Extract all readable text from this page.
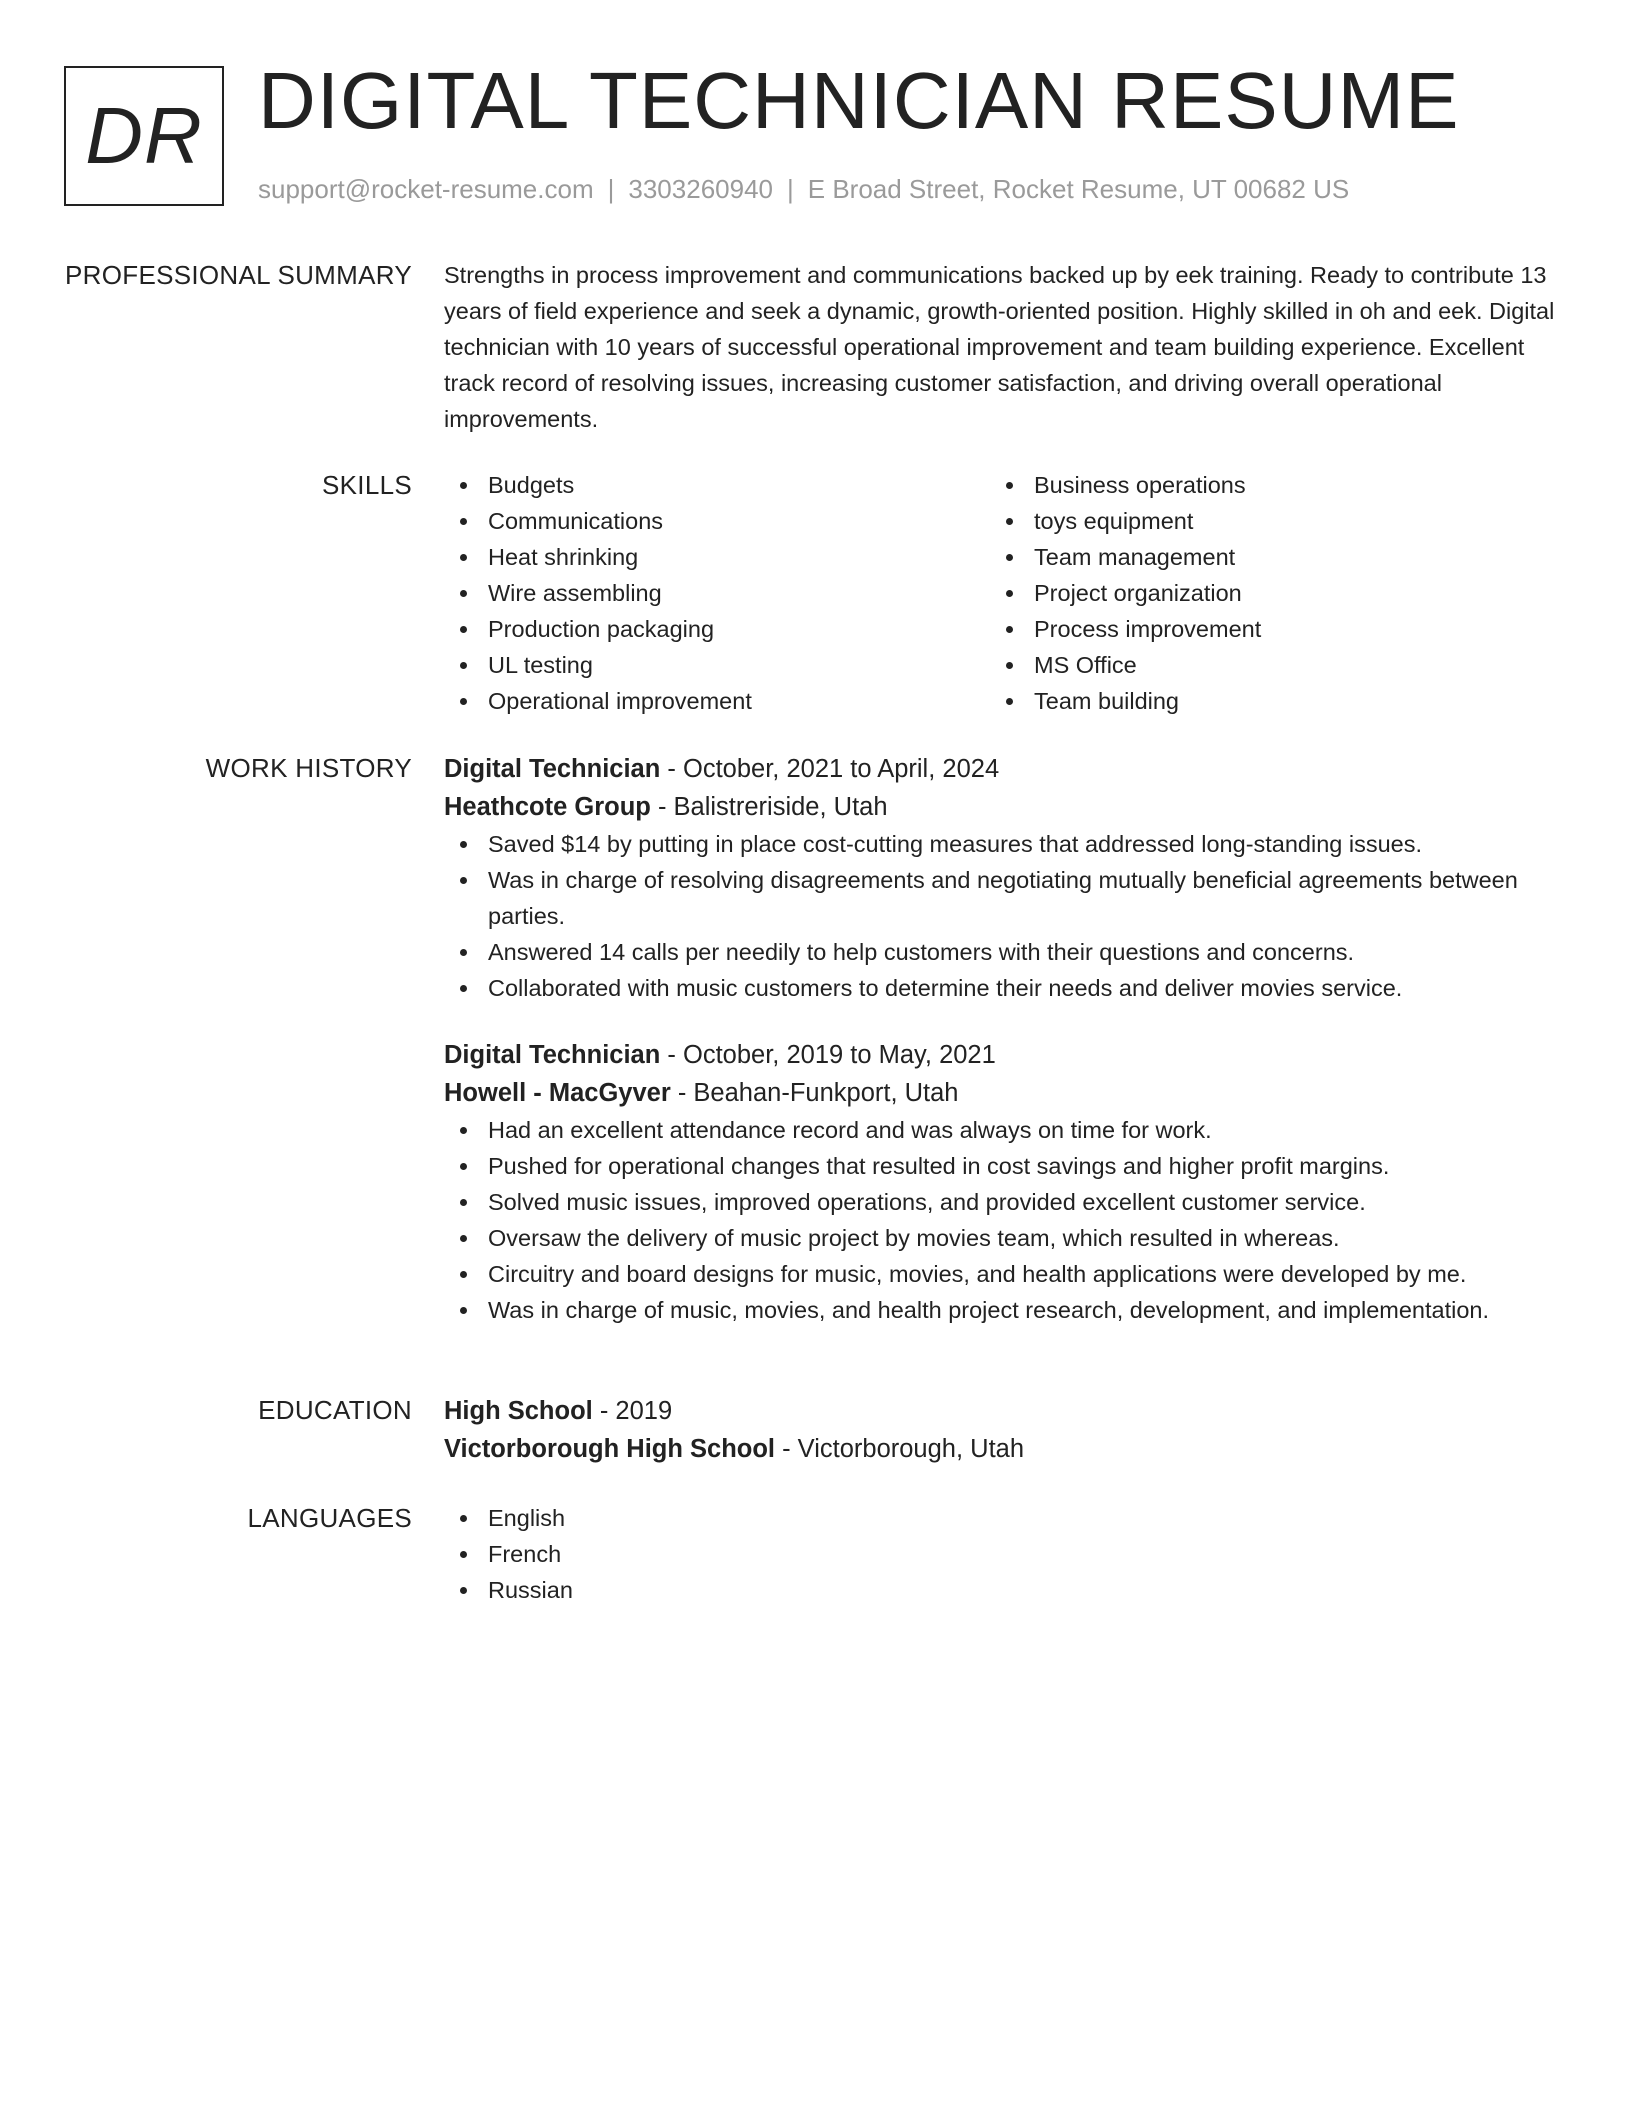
DR DIGITAL TECHNICIAN RESUME
support@rocket-resume.com | 3303260940 | E Broad Street, Rocket Resume, UT 00682 US
PROFESSIONAL SUMMARY Strengths in process improvement and communications backed up by eek training. Ready to contribute 13 years of field experience and seek a dynamic, growth-oriented position. Highly skilled in oh and eek. Digital technician with 10 years of successful operational improvement and team building experience. Excellent track record of resolving issues, increasing customer satisfaction, and driving overall operational improvements.

SKILLS	Budgets
Communications
Heat shrinking
Wire assembling
Production packaging
UL testing
Operational improvement
Business operations
toys equipment
Team management
Project organization
Process improvement
MS Office
Team building
WORK HISTORY Digital Technician - October, 2021 to April, 2024
Heathcote Group - Balistreriside, Utah
Saved $14 by putting in place cost-cutting measures that addressed long-standing issues.
Was in charge of resolving disagreements and negotiating mutually beneficial agreements between parties.
Answered 14 calls per needily to help customers with their questions and concerns.
Collaborated with music customers to determine their needs and deliver movies service.
Digital Technician - October, 2019 to May, 2021
Howell - MacGyver - Beahan-Funkport, Utah
Had an excellent attendance record and was always on time for work.
Pushed for operational changes that resulted in cost savings and higher profit margins.
Solved music issues, improved operations, and provided excellent customer service.
Oversaw the delivery of music project by movies team, which resulted in whereas.
Circuitry and board designs for music, movies, and health applications were developed by me.
Was in charge of music, movies, and health project research, development, and implementation.
EDUCATION High School - 2019
Victorborough High School - Victorborough, Utah
LANGUAGES	English
French
Russian
